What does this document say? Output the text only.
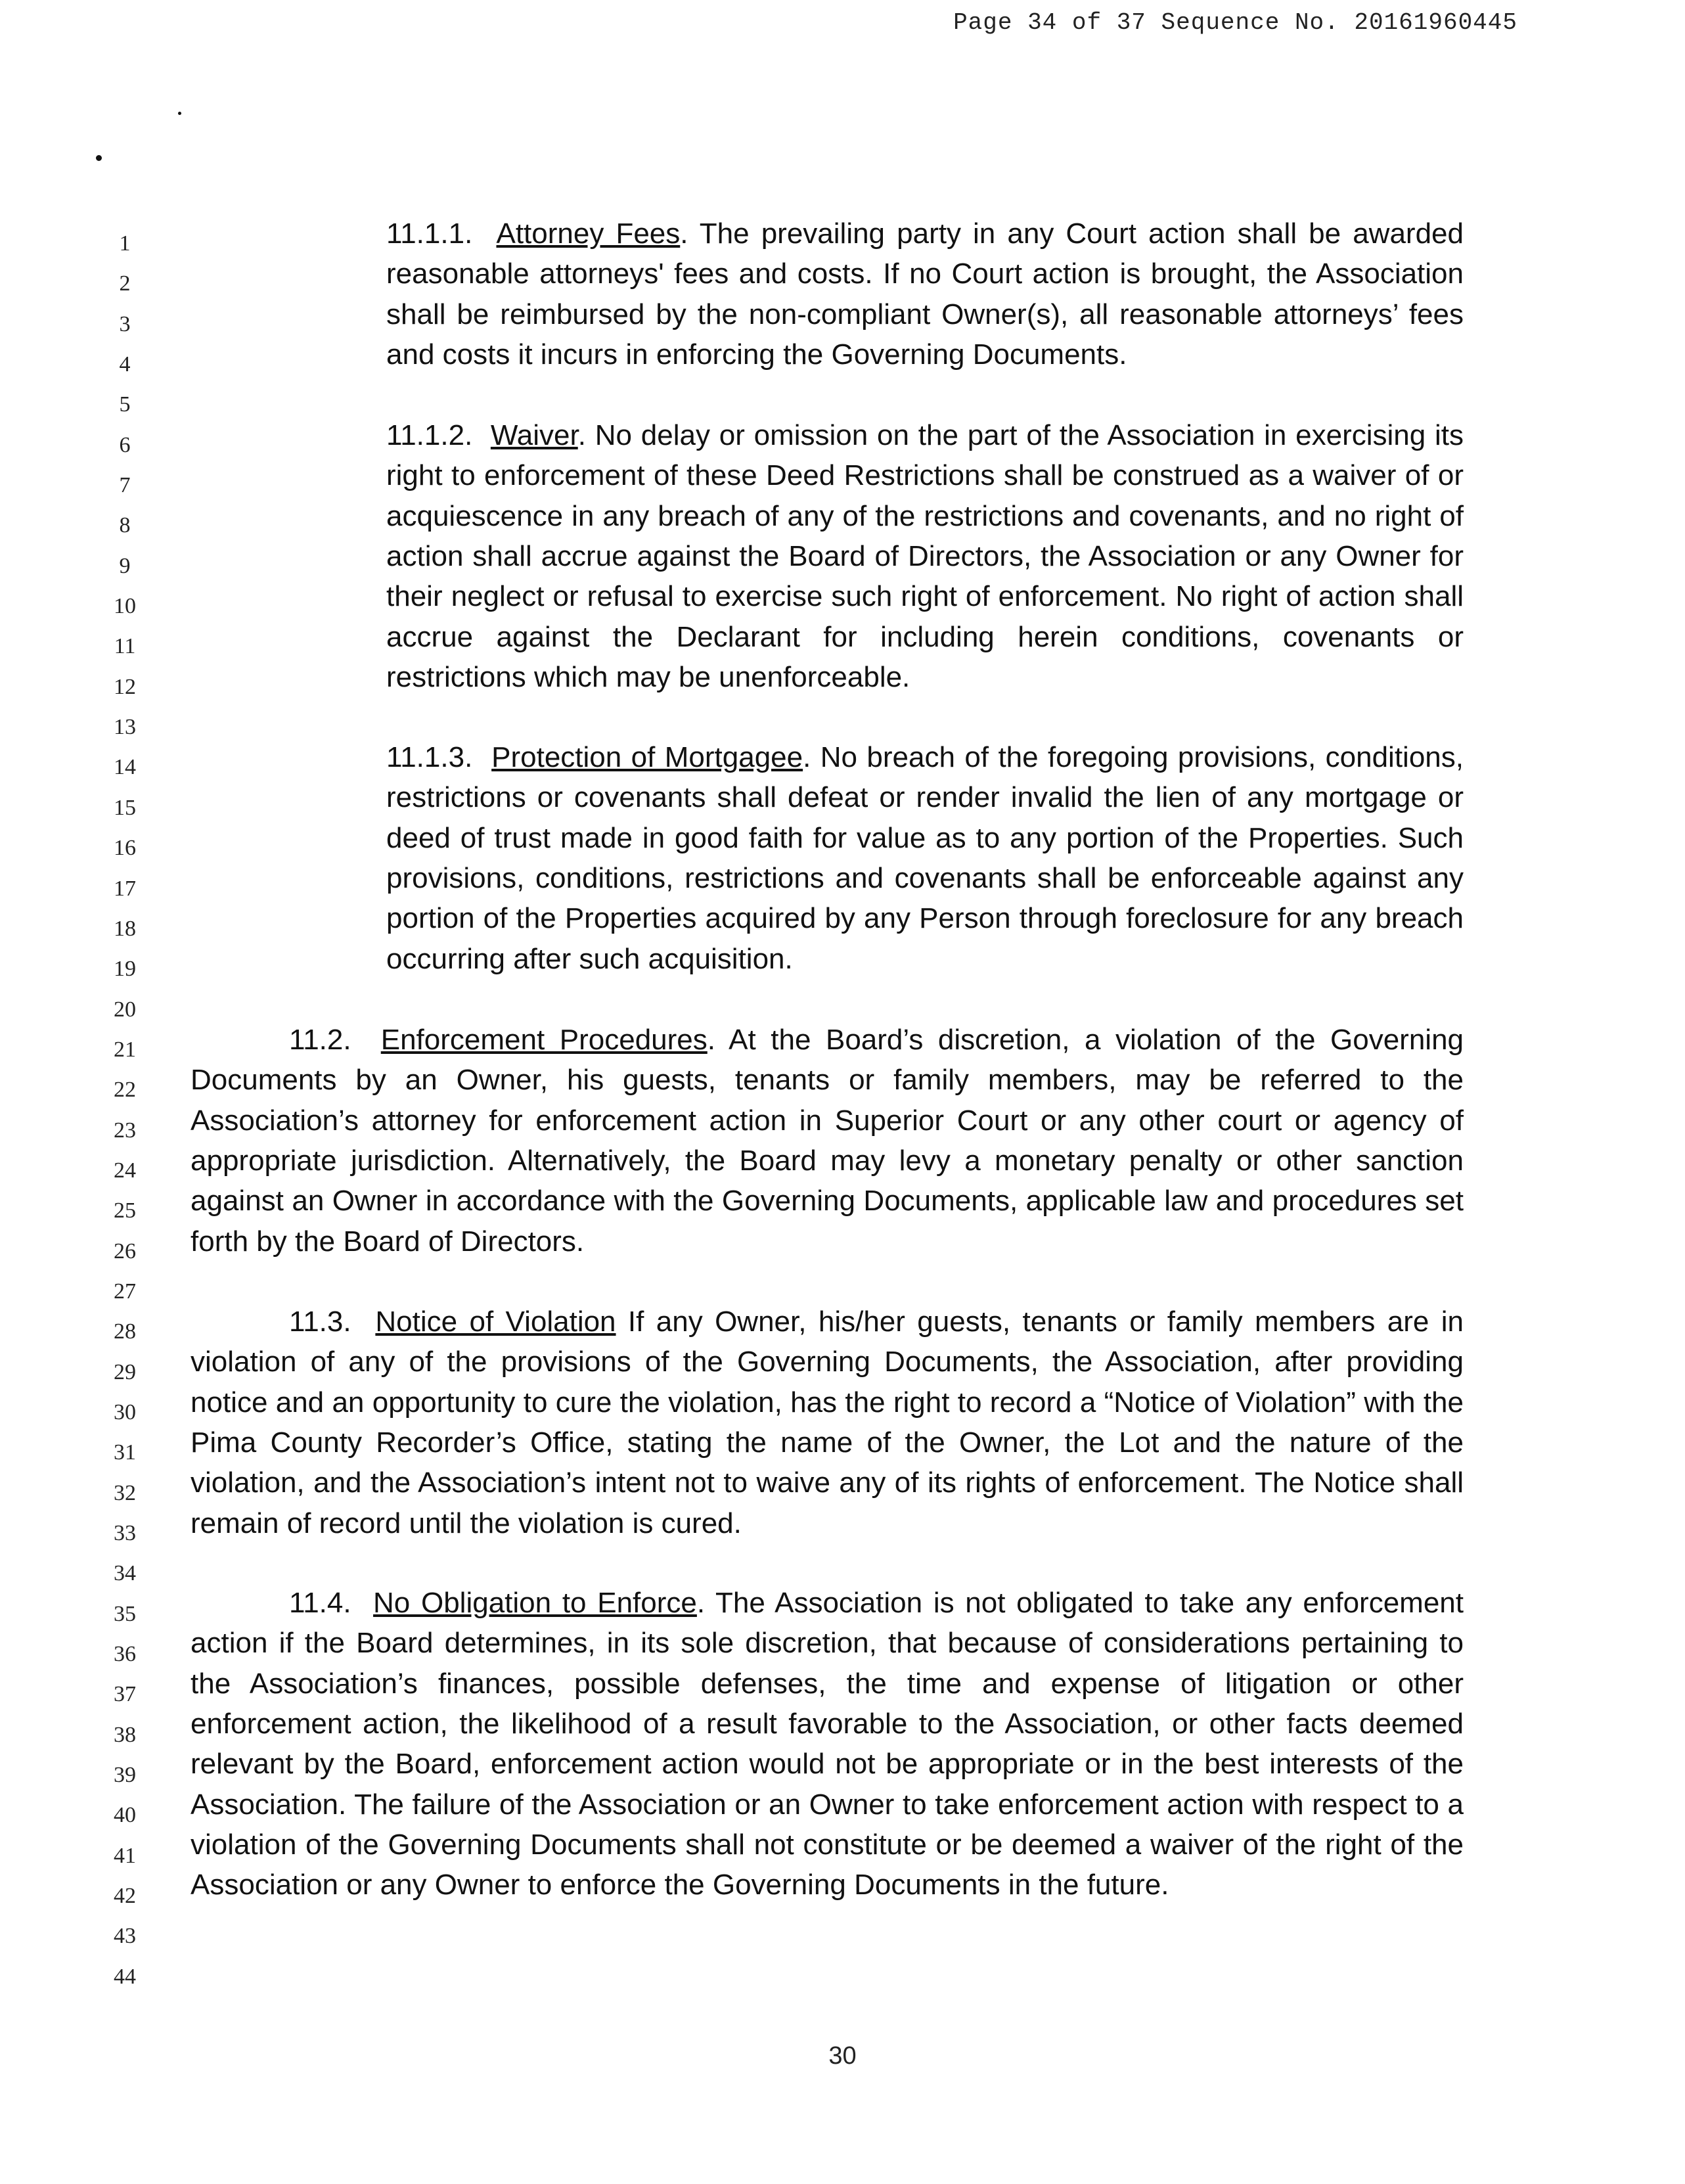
Page 34 of 37 Sequence No. 20161960445
1
2
3
4
5
6
7
8
9
10
11
12
13
14
15
16
17
18
19
20
21
22
23
24
25
26
27
28
29
30
31
32
33
34
35
36
37
38
39
40
41
42
43
44

11.1.1. Attorney Fees. The prevailing party in any Court action shall be awarded reasonable attorneys' fees and costs. If no Court action is brought, the Association shall be reimbursed by the non-compliant Owner(s), all reasonable attorneys’ fees and costs it incurs in enforcing the Governing Documents.

11.1.2. Waiver. No delay or omission on the part of the Association in exercising its right to enforcement of these Deed Restrictions shall be construed as a waiver of or acquiescence in any breach of any of the restrictions and covenants, and no right of action shall accrue against the Board of Directors, the Association or any Owner for their neglect or refusal to exercise such right of enforcement. No right of action shall accrue against the Declarant for including herein conditions, covenants or restrictions which may be unenforceable.

11.1.3. Protection of Mortgagee. No breach of the foregoing provisions, conditions, restrictions or covenants shall defeat or render invalid the lien of any mortgage or deed of trust made in good faith for value as to any portion of the Properties. Such provisions, conditions, restrictions and covenants shall be enforceable against any portion of the Properties acquired by any Person through foreclosure for any breach occurring after such acquisition.

11.2. Enforcement Procedures. At the Board’s discretion, a violation of the Governing Documents by an Owner, his guests, tenants or family members, may be referred to the Association’s attorney for enforcement action in Superior Court or any other court or agency of appropriate jurisdiction. Alternatively, the Board may levy a monetary penalty or other sanction against an Owner in accordance with the Governing Documents, applicable law and procedures set forth by the Board of Directors.

11.3. Notice of Violation If any Owner, his/her guests, tenants or family members are in violation of any of the provisions of the Governing Documents, the Association, after providing notice and an opportunity to cure the violation, has the right to record a “Notice of Violation” with the Pima County Recorder’s Office, stating the name of the Owner, the Lot and the nature of the violation, and the Association’s intent not to waive any of its rights of enforcement. The Notice shall remain of record until the violation is cured.

11.4. No Obligation to Enforce. The Association is not obligated to take any enforcement action if the Board determines, in its sole discretion, that because of considerations pertaining to the Association’s finances, possible defenses, the time and expense of litigation or other enforcement action, the likelihood of a result favorable to the Association, or other facts deemed relevant by the Board, enforcement action would not be appropriate or in the best interests of the Association. The failure of the Association or an Owner to take enforcement action with respect to a violation of the Governing Documents shall not constitute or be deemed a waiver of the right of the Association or any Owner to enforce the Governing Documents in the future.

30
